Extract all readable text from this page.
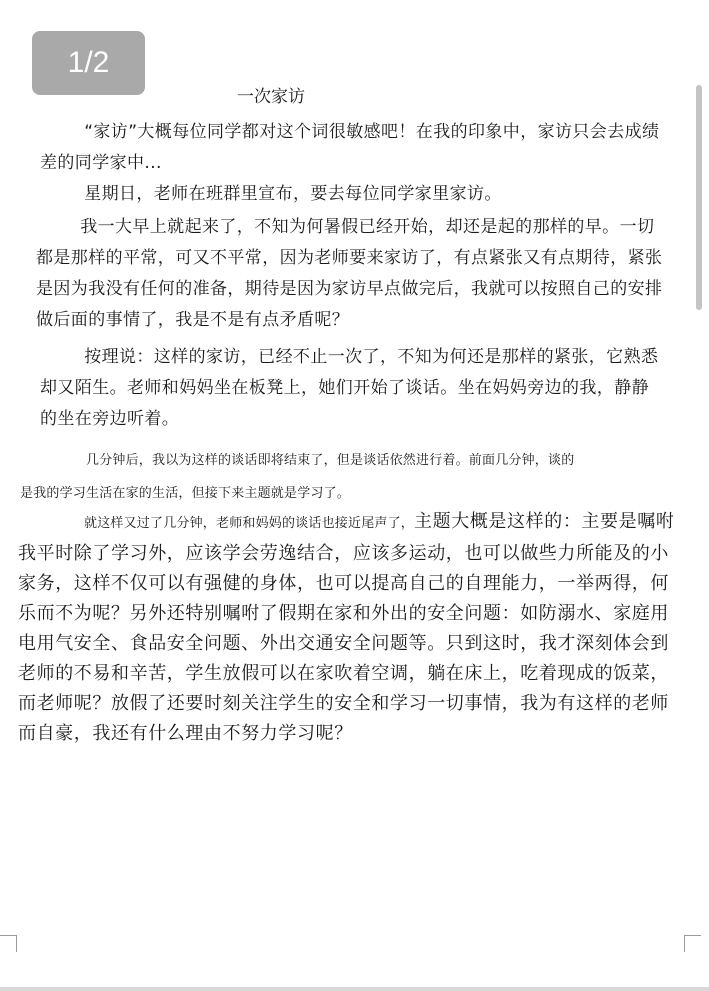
1/2
一次家访

“家访”大概每位同学都对这个词很敏感吧！在我的印象中，家访只会去成绩差的同学家中...

星期日，老师在班群里宣布，要去每位同学家里家访。

我一大早上就起来了，不知为何暑假已经开始，却还是起的那样的早。一切都是那样的平常，可又不平常，因为老师要来家访了，有点紧张又有点期待，紧张是因为我没有任何的准备，期待是因为家访早点做完后，我就可以按照自己的安排做后面的事情了，我是不是有点矛盾呢？

按理说：这样的家访，已经不止一次了，不知为何还是那样的紧张，它熟悉却又陌生。老师和妈妈坐在板凳上，她们开始了谈话。坐在妈妈旁边的我，静静的坐在旁边听着。

几分钟后，我以为这样的谈话即将结束了，但是谈话依然进行着。前面几分钟，谈的
是我的学习生活在家的生活，但接下来主题就是学习了。

就这样又过了几分钟，老师和妈妈的谈话也接近尾声了，主题大概是这样的：主要是嘱咐我平时除了学习外，应该学会劳逸结合，应该多运动，也可以做些力所能及的小家务，这样不仅可以有强健的身体，也可以提高自己的自理能力，一举两得，何乐而不为呢？另外还特别嘱咐了假期在家和外出的安全问题：如防溺水、家庭用电用气安全、食品安全问题、外出交通安全问题等。只到这时，我才深刻体会到老师的不易和辛苦，学生放假可以在家吹着空调，躺在床上，吃着现成的饭菜，而老师呢？放假了还要时刻关注学生的安全和学习一切事情，我为有这样的老师而自豪，我还有什么理由不努力学习呢？
